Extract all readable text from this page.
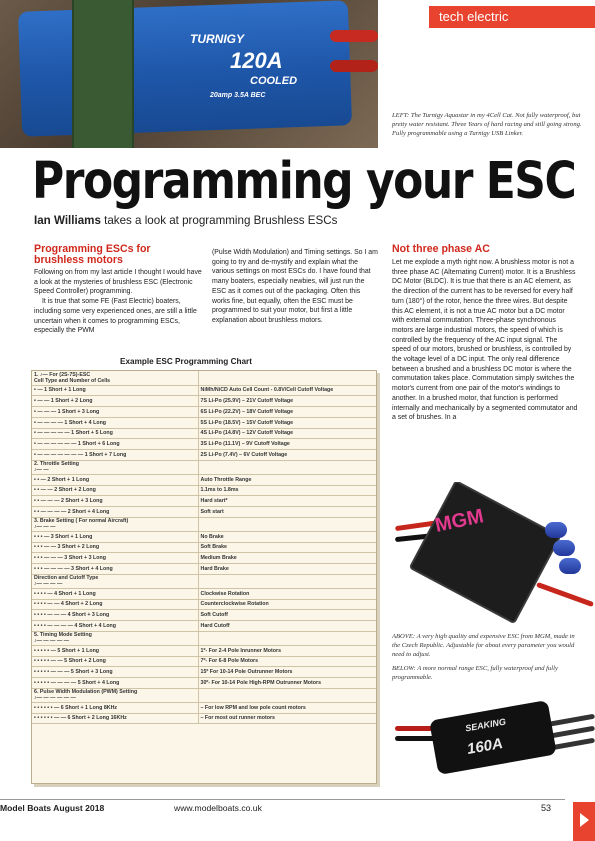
TURNIGY
120A
COOLED
20amp 3.5A BEC
tech electric
LEFT: The Turnigy Aquastar in my 4Cell Cat. Not fully waterproof, but pretty water resistant. Three Years of hard racing and still going strong. Fully programmable using a Turnigy USB Linker.
Programming your ESC
Ian Williams takes a look at programming Brushless ESCs
Programming ESCs for brushless motors

Following on from my last article I thought I would have a look at the mysteries of brushless ESC (Electronic Speed Controller) programming.

It is true that some FE (Fast Electric) boaters, including some very experienced ones, are still a little uncertain when it comes to programming ESCs, especially the PWM

(Pulse Width Modulation) and Timing settings. So I am going to try and de-mystify and explain what the various settings on most ESCs do. I have found that many boaters, especially newbies, will just run the ESC as it comes out of the packaging. Often this works fine, but equally, often the ESC must be programmed to suit your motor, but first a little explanation about brushless motors.

Not three phase AC

Let me explode a myth right now. A brushless motor is not a three phase AC (Alternating Current) motor. It is a Brushless DC Motor (BLDC). It is true that there is an AC element, as the direction of the current has to be reversed for every half turn (180°) of the rotor, hence the three wires. But despite this AC element, it is not a true AC motor but a DC motor with external commutation. Three-phase synchronous motors are large industrial motors, the speed of which is controlled by the frequency of the AC input signal. The speed of our motors, brushed or brushless, is controlled by the voltage level of a DC input. The only real difference between a brushed and a brushless DC motor is where the commutation takes place. Commutation simply switches the motor's current from one pair of the motor's windings to another. In a brushed motor, that function is performed internally and mechanically by a segmented commutator and a set of brushes. In a

Example ESC Programming Chart
1. ♪— For (2S-7S)-ESC
Cell Type and Number of Cells	
• — 1 Short + 1 Long	NiMh/NiCD Auto Cell Count - 0.8V/Cell Cutoff Voltage
• — — 1 Short + 2 Long	7S Li-Po (25.9V) – 21V Cutoff Voltage
• — — — 1 Short + 3 Long	6S Li-Po (22.2V) – 18V Cutoff Voltage
• — — — — 1 Short + 4 Long	5S Li-Po (18.5V) – 15V Cutoff Voltage
• — — — — — 1 Short + 5 Long	4S Li-Po (14.8V) – 12V Cutoff Voltage
• — — — — — — 1 Short + 6 Long	3S Li-Po (11.1V) – 9V Cutoff Voltage
• — — — — — — — 1 Short + 7 Long	2S Li-Po (7.4V) – 6V Cutoff Voltage
2. Throttle Setting
♪— —	
• • — 2 Short + 1 Long	Auto Throttle Range
• • — — 2 Short + 2 Long	1.1ms to 1.8ms
• • — — — 2 Short + 3 Long	Hard start*
• • — — — — 2 Short + 4 Long	Soft start
3. Brake Setting ( For normal Aircraft)
♪— — —	
• • • — 3 Short + 1 Long	No Brake
• • • — — 3 Short + 2 Long	Soft Brake
• • • — — — 3 Short + 3 Long	Medium Brake
• • • — — — — 3 Short + 4 Long	Hard Brake
Direction and Cutoff Type
♪— — — —	
• • • • — 4 Short + 1 Long	Clockwise Rotation
• • • • — — 4 Short + 2 Long	Counterclockwise Rotation
• • • • — — — 4 Short + 3 Long	Soft Cutoff
• • • • — — — — 4 Short + 4 Long	Hard Cutoff
5. Timing Mode Setting
♪— — — — —	
• • • • • — 5 Short + 1 Long	1º- For 2-4 Pole Inrunner Motors
• • • • • — — 5 Short + 2 Long	7º- For 6-8 Pole Motors
• • • • • — — — 5 Short + 3 Long	15º For 10-14 Pole Outrunner Motors
• • • • • — — — — 5 Short + 4 Long	30º- For 10-14 Pole High-RPM Outrunner Motors
6. Pulse Width Modulation (PWM) Setting
♪— — — — — —	
• • • • • • — 6 Short + 1 Long 8KHz	– For low RPM and low pole count motors
• • • • • • — — 6 Short + 2 Long 16KHz	– For most out runner motors
MGM

ABOVE: A very high quality and expensive ESC from MGM, made in the Czech Republic. Adjustable for about every parameter you would need to adjust.

BELOW: A more normal range ESC, fully waterproof and fully programmable.

SEAKING
160A
Model Boats August 2018	www.modelboats.co.uk	53
